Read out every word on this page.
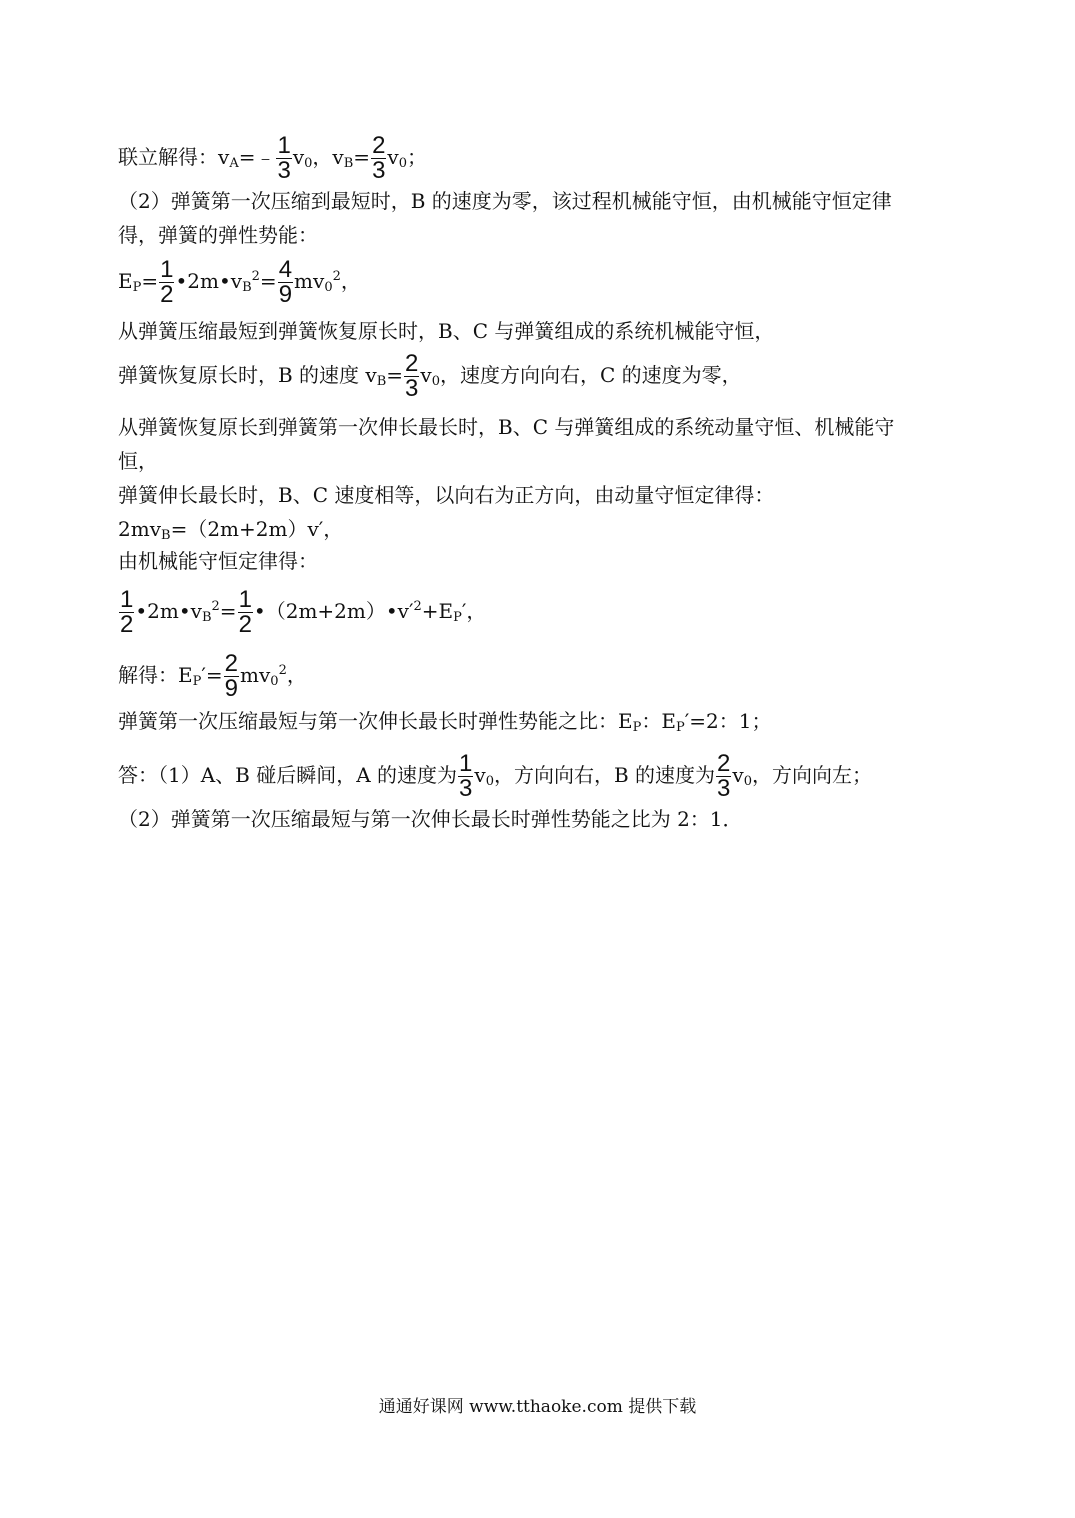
联立解得：$v_A=﹣ \frac{1}{3} v_0$，$v_B= \frac{2}{3} v_0$；
（2）弹簧第一次压缩到最短时，B 的速度为零，该过程机械能守恒，由机械能守恒定律
得，弹簧的弹性势能：
$E_P= \frac{1}{2}$ $•2m•v_B^2= \frac{4}{9} mv_0^2$，
从弹簧压缩最短到弹簧恢复原长时，B、C 与弹簧组成的系统机械能守恒，
弹簧恢复原长时，B 的速度 $v_B= \frac{2}{3} v_0$，速度方向向右，C 的速度为零，
从弹簧恢复原长到弹簧第一次伸长最长时，B、C 与弹簧组成的系统动量守恒、机械能守
恒，
弹簧伸长最长时，B、C 速度相等，以向右为正方向，由动量守恒定律得：
$2mv_B=(2m+2m)v'$，
由机械能守恒定律得：
$\frac{1}{2}$ $•2m•v_B^2= \frac{1}{2}$ $•(2m+2m)•v'^2+E_P'$，
解得：$E_P'= \frac{2}{9} mv_0^2$，
弹簧第一次压缩最短与第一次伸长最长时弹性势能之比：$E_P$：$E_P'=2$：1；
答：（1）A、B 碰后瞬间，A 的速度为 $\frac{1}{3} v_0$，方向向右，B 的速度为 $\frac{2}{3} v_0$，方向向左；
（2）弹簧第一次压缩最短与第一次伸长最长时弹性势能之比为 2：1．
通通好课网 www.tthaoke.com 提供下载
